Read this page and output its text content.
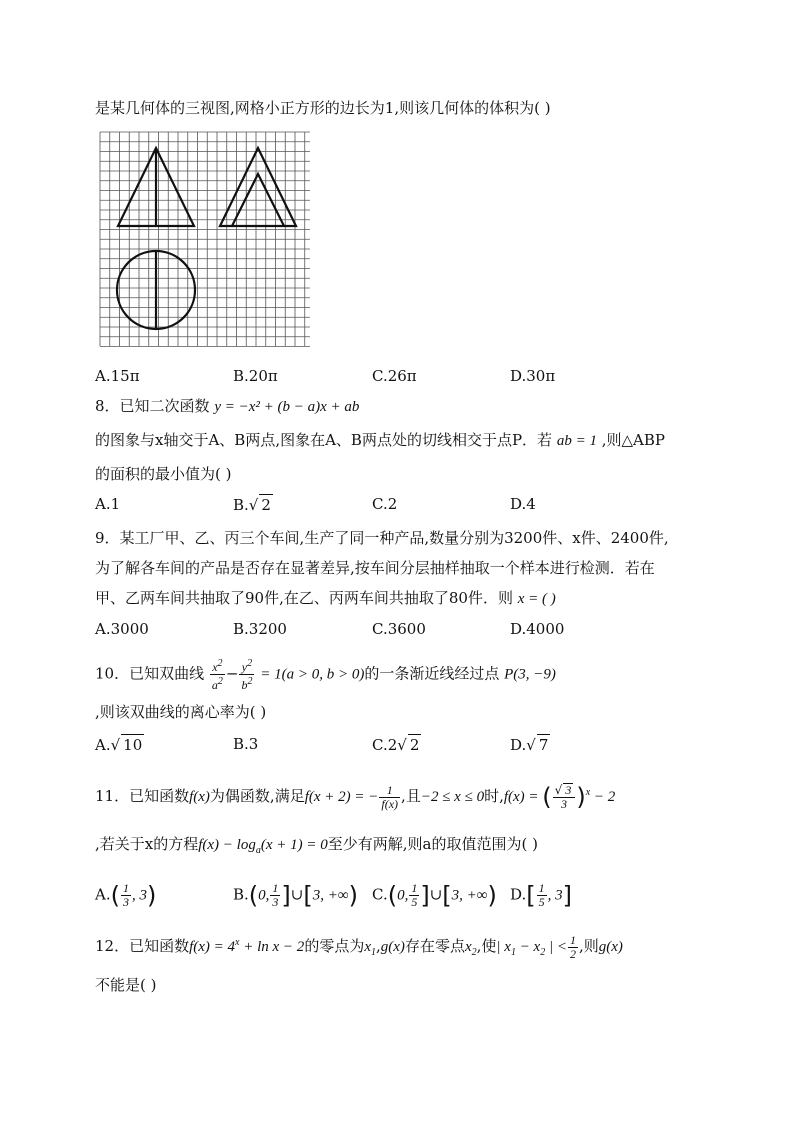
是某几何体的三视图,网格小正方形的边长为1,则该几何体的体积为( )
A.15π	B.20π	C.26π	D.30π
8．已知二次函数 y = −x² + (b − a)x + ab
的图象与x轴交于A、B两点,图象在A、B两点处的切线相交于点P．若 ab = 1 ,则△ABP
的面积的最小值为( )
A.1	B.√ 2	C.2	D.4
9．某工厂甲、乙、丙三个车间,生产了同一种产品,数量分别为3200件、x件、2400件,
为了解各车间的产品是否存在显著差异,按车间分层抽样抽取一个样本进行检测．若在
甲、乙两车间共抽取了90件,在乙、丙两车间共抽取了80件．则 x = ( )
A.3000	B.3200	C.3600	D.4000
10．已知双曲线 $\frac{x^2}{a^2} - \frac{y^2}{b^2} = 1(a > 0$, b > 0)的一条渐近线经过点 P(3, −9)
,则该双曲线的离心率为( )
A.√ 10	B.3	C.2√ 2	D.√ 7
11．已知函数f(x)为偶函数,满足f(x + 2) = − $\frac{1}{f(x)}$ ,且−2 ≤ x ≤ 0时,f(x) = ( $\frac{√ 3}{3} )^x - 2$
,若关于x的方程$f(x) - \log_a(x + 1) = 0$至少有两解,则a的取值范围为( )
$A.( \frac{1}{3}$ , 3)	B.(0, $\frac{1}{3}$ ]∪[3, +∞) C.(0, $\frac{1}{5}$ ]∪[3, +∞) $D.[ \frac{1}{5}$ , 3]
12．已知函数$f(x) = 4^x + \ln x - 2$的零点为$x_1,g(x)$存在零点$x_2$,使| $x_1 - x_2$ | < $\frac{1}{2}$ ,则g(x)
不能是( )
